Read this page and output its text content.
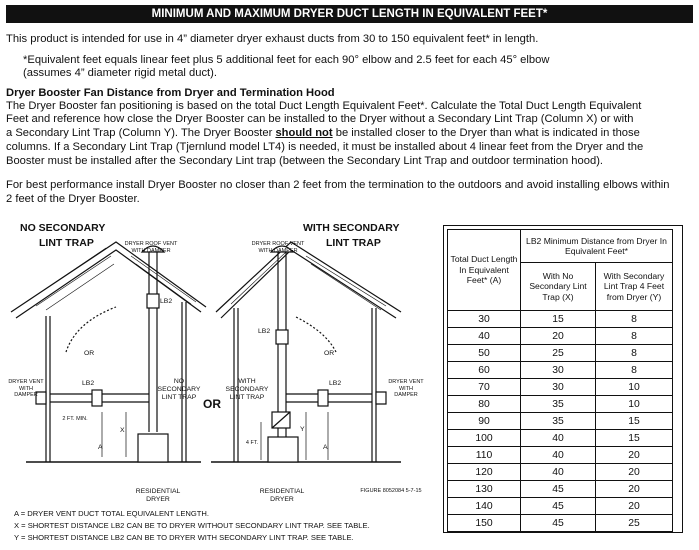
MINIMUM AND MAXIMUM DRYER DUCT LENGTH IN EQUIVALENT FEET*

This product is intended for use in 4” diameter dryer exhaust ducts from 30 to 150 equivalent feet* in length.

*Equivalent feet equals linear feet plus 5 additional feet for each 90° elbow and 2.5 feet for each 45° elbow

(assumes 4” diameter rigid metal duct).

Dryer Booster Fan Distance from Dryer and Termination Hood

The Dryer Booster fan positioning is based on the total Duct Length Equivalent Feet*. Calculate the Total Duct Length Equivalent

Feet and reference how close the Dryer Booster can be installed to the Dryer without a Secondary Lint Trap (Column X) or with

a Secondary Lint Trap (Column Y). The Dryer Booster should not be installed closer to the Dryer than what is indicated in those

columns. If a Secondary Lint Trap (Tjernlund model LT4) is needed, it must be installed about 4 linear feet from the Dryer and the

Booster must be installed after the Secondary Lint trap (between the Secondary Lint Trap and outdoor termination hood).

For best performance install Dryer Booster no closer than 2 feet from the termination to the outdoors and avoid installing elbows within

2 feet of the Dryer Booster.

NO SECONDARY
LINT TRAP
WITH SECONDARY
LINT TRAP
DRYER ROOF VENT WITH DAMPER
DRYER ROOF VENT WITH DAMPER
LB2
LB2
LB2	LB2
OR	OR
OR
DRYER VENT WITH DAMPER
DRYER VENT WITH DAMPER
NO SECONDARY LINT TRAP
WITH SECONDARY LINT TRAP
2 FT. MIN.
4 FT.
A
X	Y
A
RESIDENTIAL DRYER
RESIDENTIAL DRYER
FIGURE 8052084 5-7-15
A = DRYER VENT DUCT TOTAL EQUIVALENT LENGTH.
X = SHORTEST DISTANCE LB2 CAN BE TO DRYER WITHOUT SECONDARY LINT TRAP. SEE TABLE.
Y = SHORTEST DISTANCE LB2 CAN BE TO DRYER WITH SECONDARY LINT TRAP. SEE TABLE.
Total Duct Length In Equivalent Feet* (A)	LB2 Minimum Distance from Dryer In Equivalent Feet*	
	With No Secondary Lint Trap (X)	With Secondary Lint Trap 4 Feet from Dryer (Y)
30	15	8
40	20	8
50	25	8
60	30	8
70	30	10
80	35	10
90	35	15
100	40	15
110	40	20
120	40	20
130	45	20
140	45	20
150	45	25
